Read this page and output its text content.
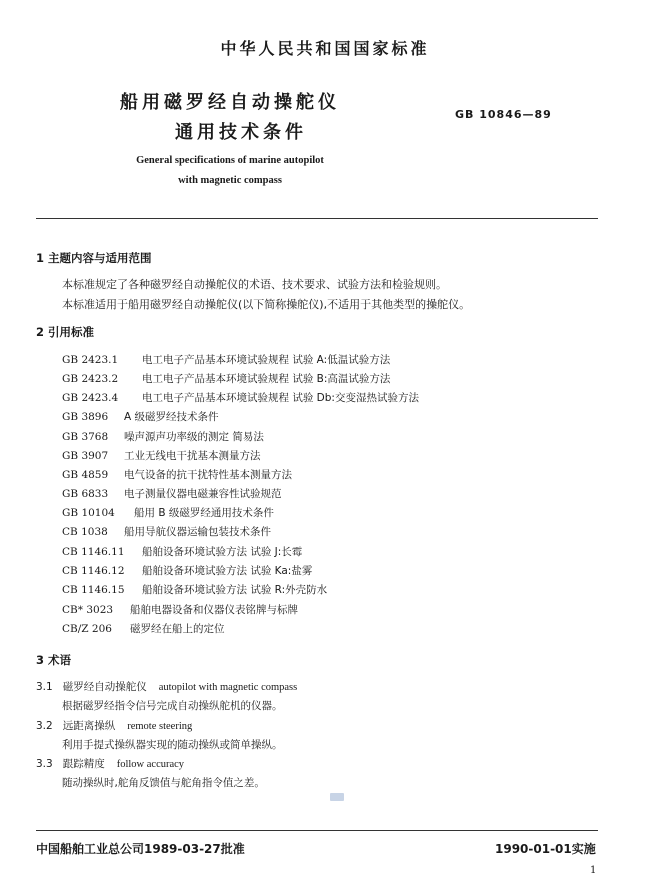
中华人民共和国国家标准
船用磁罗经自动操舵仪
通用技术条件
GB 10846—89
General specifications of marine autopilot
with magnetic compass
1 主题内容与适用范围
本标准规定了各种磁罗经自动操舵仪的术语、技术要求、试验方法和检验规则。
本标准适用于船用磁罗经自动操舵仪(以下简称操舵仪),不适用于其他类型的操舵仪。
2 引用标准
GB 2423.1 电工电子产品基本环境试验规程 试验 A:低温试验方法
GB 2423.2 电工电子产品基本环境试验规程 试验 B:高温试验方法
GB 2423.4 电工电子产品基本环境试验规程 试验 Db:交变湿热试验方法
GB 3896 A 级磁罗经技术条件
GB 3768 噪声源声功率级的测定 简易法
GB 3907 工业无线电干扰基本测量方法
GB 4859 电气设备的抗干扰特性基本测量方法
GB 6833 电子测量仪器电磁兼容性试验规范
GB 10104 船用 B 级磁罗经通用技术条件
CB 1038 船用导航仪器运输包装技术条件
CB 1146.11 船舶设备环境试验方法 试验 J:长霉
CB 1146.12 船舶设备环境试验方法 试验 Ka:盐雾
CB 1146.15 船舶设备环境试验方法 试验 R:外壳防水
CB* 3023 船舶电器设备和仪器仪表铭牌与标牌
CB/Z 206 磁罗经在船上的定位
3 术语
3.1 磁罗经自动操舵仪 autopilot with magnetic compass
根据磁罗经指令信号完成自动操纵舵机的仪器。
3.2 远距离操纵 remote steering
利用手提式操纵器实现的随动操纵或简单操纵。
3.3 跟踪精度 follow accuracy
随动操纵时,舵角反馈值与舵角指令值之差。
中国船舶工业总公司1989-03-27批准	1990-01-01实施
1
